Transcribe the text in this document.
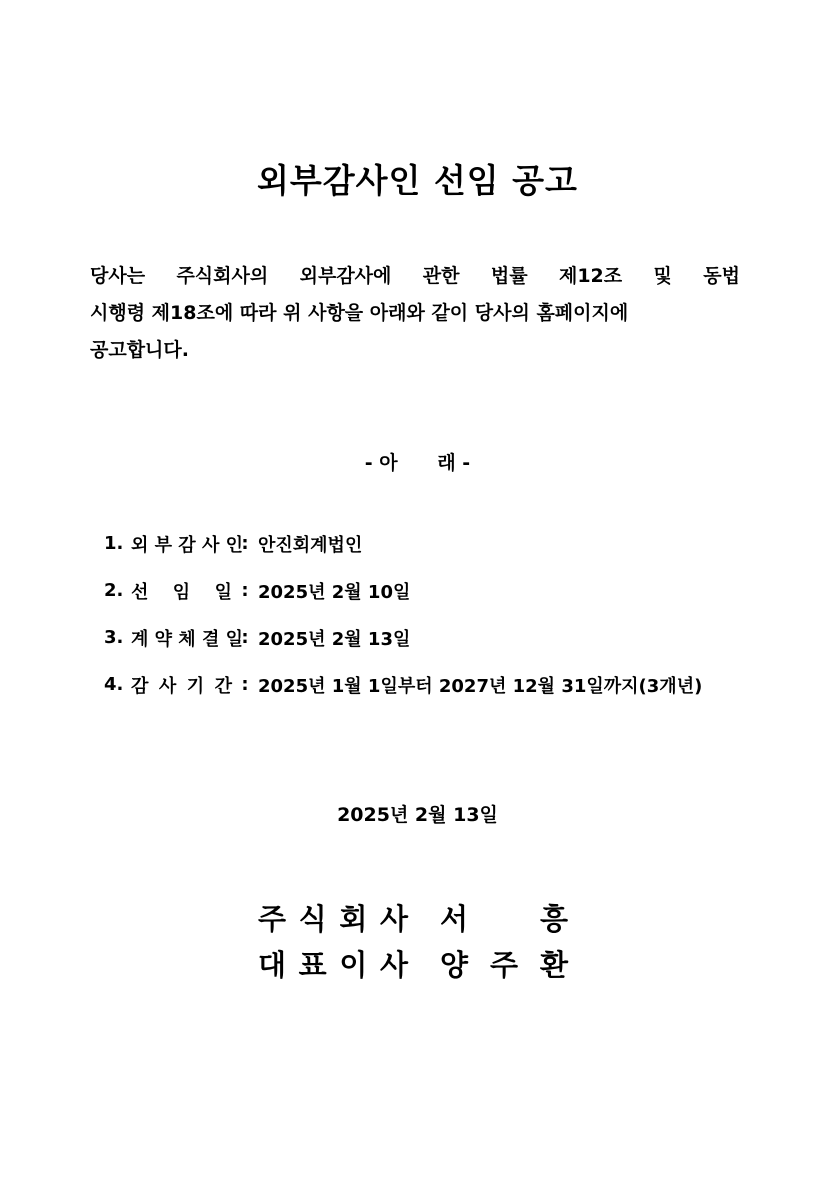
외부감사인 선임 공고
당사는 주식회사의 외부감사에 관한 법률 제12조 및 동법
시행령 제18조에 따라 위 사항을 아래와 같이 당사의 홈페이지에
공고합니다.
- 아      래 -
1. 외 부 감 사 인
: 안진회계법인
2. 선 임 일 : 2025년 2월 10일
3. 계 약 체 결 일
: 2025년 2월 13일
4. 감 사 기 간 : 2025년 1월 1일부터 2027년 12월 31일까지(3개년)
2025년 2월 13일
주 식 회 사 서 흥
대 표 이 사 양 주 환
